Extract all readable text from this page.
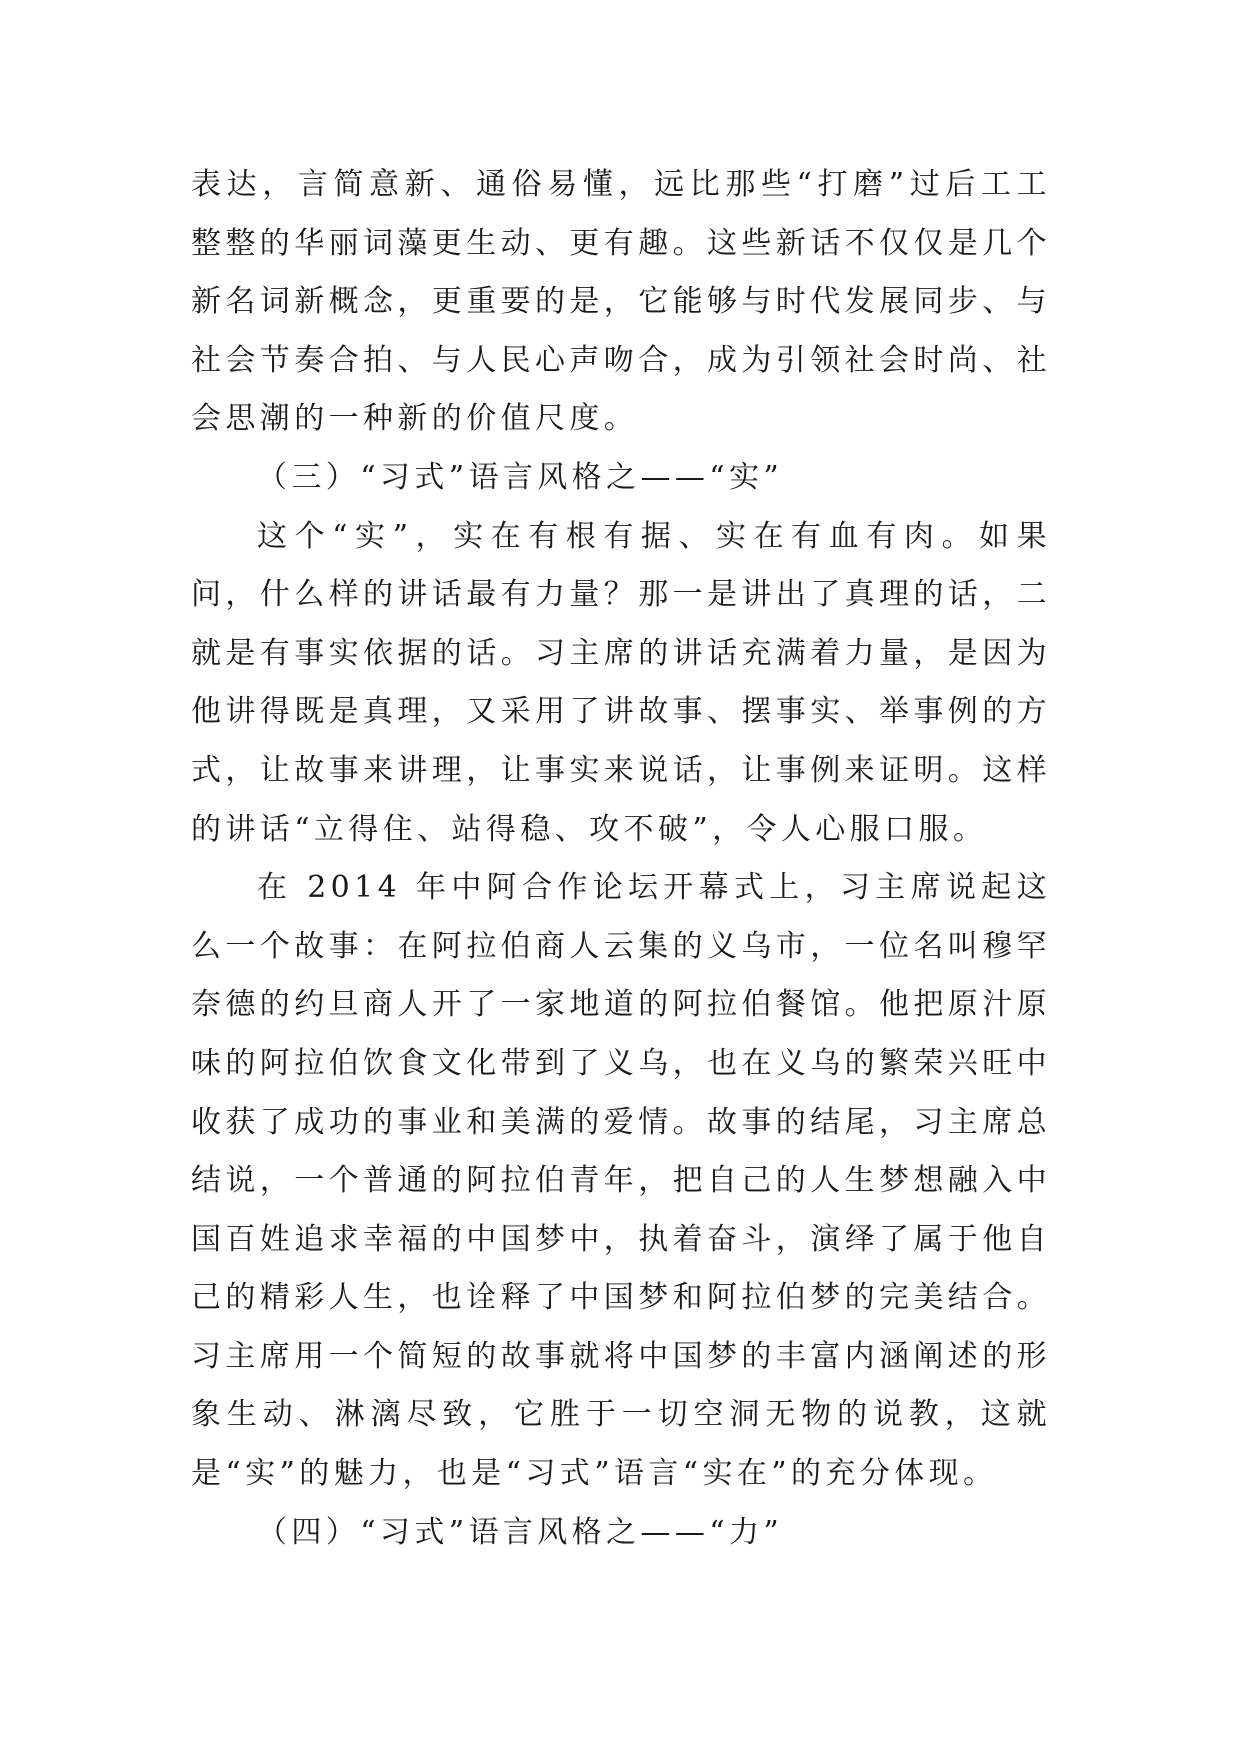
表达，言简意新、通俗易懂，远比那些“打磨”过后工工整整的华丽词藻更生动、更有趣。这些新话不仅仅是几个新名词新概念，更重要的是，它能够与时代发展同步、与社会节奏合拍、与人民心声吻合，成为引领社会时尚、社会思潮的一种新的价值尺度。

（三）“习式”语言风格之——“实”

这个“实”，实在有根有据、实在有血有肉。如果问，什么样的讲话最有力量？那一是讲出了真理的话，二就是有事实依据的话。习主席的讲话充满着力量，是因为他讲得既是真理，又采用了讲故事、摆事实、举事例的方式，让故事来讲理，让事实来说话，让事例来证明。这样的讲话“立得住、站得稳、攻不破”，令人心服口服。

在 2014 年中阿合作论坛开幕式上，习主席说起这么一个故事：在阿拉伯商人云集的义乌市，一位名叫穆罕奈德的约旦商人开了一家地道的阿拉伯餐馆。他把原汁原味的阿拉伯饮食文化带到了义乌，也在义乌的繁荣兴旺中收获了成功的事业和美满的爱情。故事的结尾，习主席总结说，一个普通的阿拉伯青年，把自己的人生梦想融入中国百姓追求幸福的中国梦中，执着奋斗，演绎了属于他自己的精彩人生，也诠释了中国梦和阿拉伯梦的完美结合。习主席用一个简短的故事就将中国梦的丰富内涵阐述的形象生动、淋漓尽致，它胜于一切空洞无物的说教，这就是“实”的魅力，也是“习式”语言“实在”的充分体现。

（四）“习式”语言风格之——“力”
